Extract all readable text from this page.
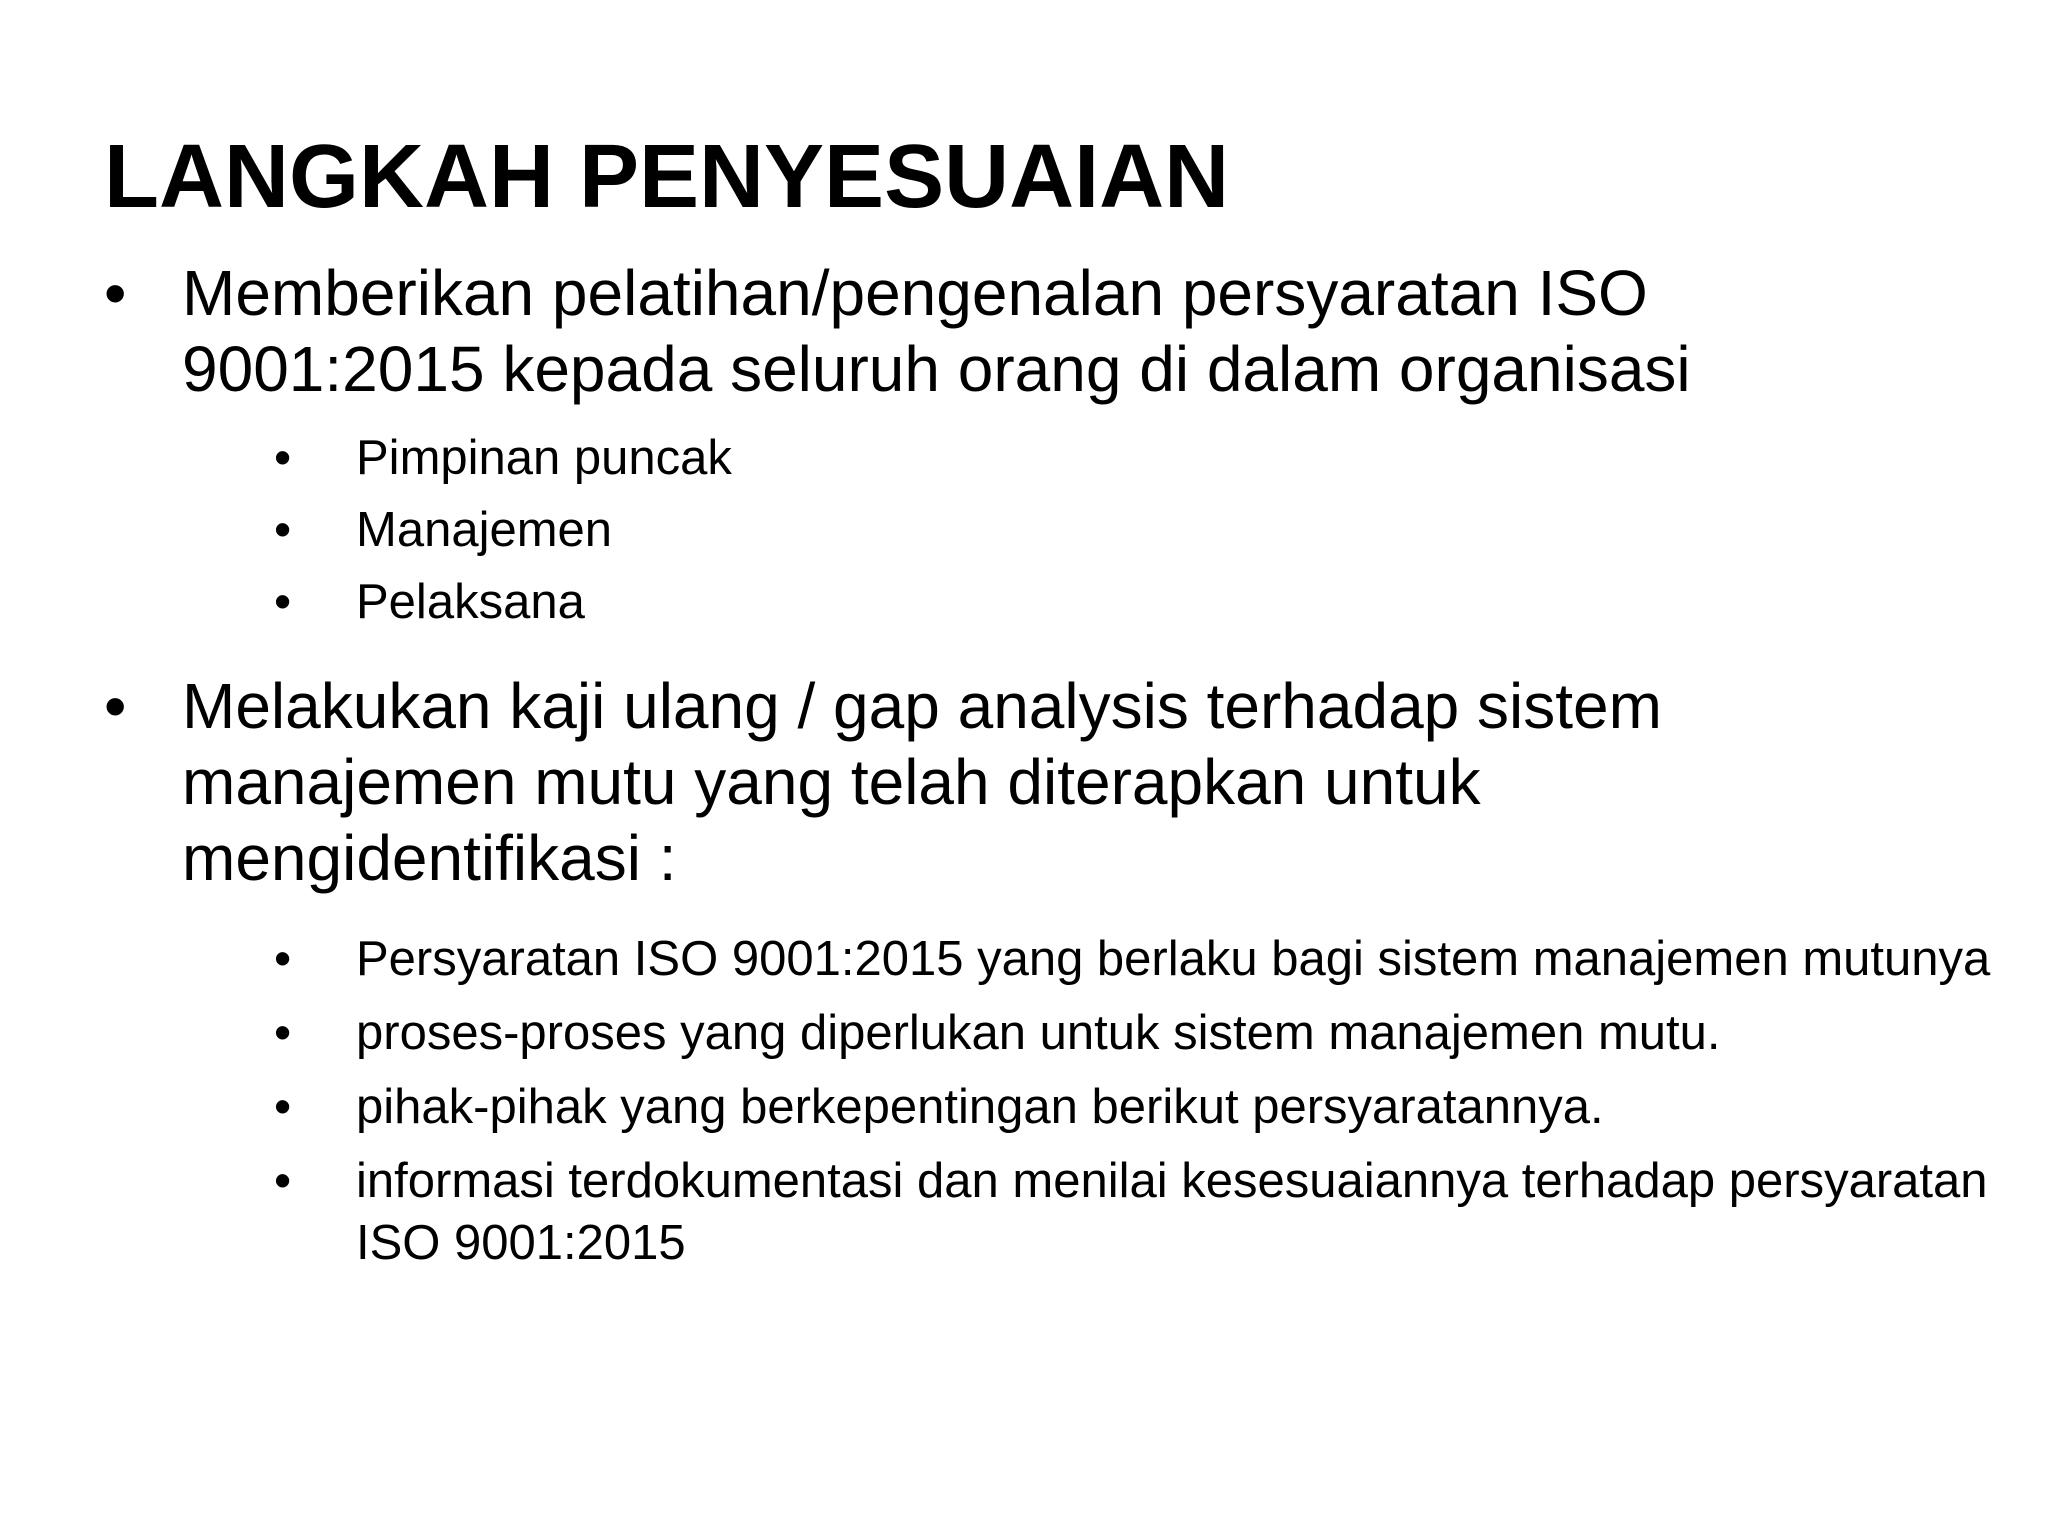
LANGKAH PENYESUAIAN
• Memberikan pelatihan/pengenalan persyaratan ISO 9001:2015 kepada seluruh orang di dalam organisasi
• Pimpinan puncak
• Manajemen
• Pelaksana
• Melakukan kaji ulang / gap analysis terhadap sistem manajemen mutu yang telah diterapkan untuk mengidentifikasi :
• Persyaratan ISO 9001:2015 yang berlaku bagi sistem manajemen mutunya
• proses-proses yang diperlukan untuk sistem manajemen mutu.
• pihak-pihak yang berkepentingan berikut persyaratannya.
• informasi terdokumentasi dan menilai kesesuaiannya terhadap persyaratan ISO 9001:2015
